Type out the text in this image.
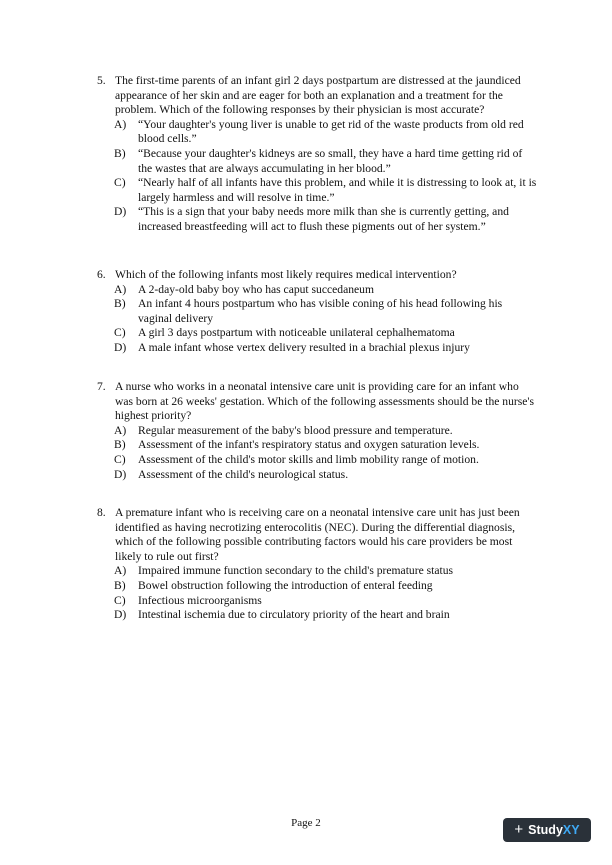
5. The first-time parents of an infant girl 2 days postpartum are distressed at the jaundiced appearance of her skin and are eager for both an explanation and a treatment for the problem. Which of the following responses by their physician is most accurate?
A)	“Your daughter's young liver is unable to get rid of the waste products from old red blood cells.”
B)	“Because your daughter's kidneys are so small, they have a hard time getting rid of the wastes that are always accumulating in her blood.”
C)	“Nearly half of all infants have this problem, and while it is distressing to look at, it is largely harmless and will resolve in time.”
D)	“This is a sign that your baby needs more milk than she is currently getting, and increased breastfeeding will act to flush these pigments out of her system.”
6. Which of the following infants most likely requires medical intervention?
A)	A 2-day-old baby boy who has caput succedaneum
B)	An infant 4 hours postpartum who has visible coning of his head following his vaginal delivery
C)	A girl 3 days postpartum with noticeable unilateral cephalhematoma
D)	A male infant whose vertex delivery resulted in a brachial plexus injury
7. A nurse who works in a neonatal intensive care unit is providing care for an infant who was born at 26 weeks' gestation. Which of the following assessments should be the nurse's highest priority?
A)	Regular measurement of the baby's blood pressure and temperature.
B)	Assessment of the infant's respiratory status and oxygen saturation levels.
C)	Assessment of the child's motor skills and limb mobility range of motion.
D)	Assessment of the child's neurological status.
8. A premature infant who is receiving care on a neonatal intensive care unit has just been identified as having necrotizing enterocolitis (NEC). During the differential diagnosis, which of the following possible contributing factors would his care providers be most likely to rule out first?
A)	Impaired immune function secondary to the child's premature status
B)	Bowel obstruction following the introduction of enteral feeding
C)	Infectious microorganisms
D)	Intestinal ischemia due to circulatory priority of the heart and brain
Page 2	+ Study XY
